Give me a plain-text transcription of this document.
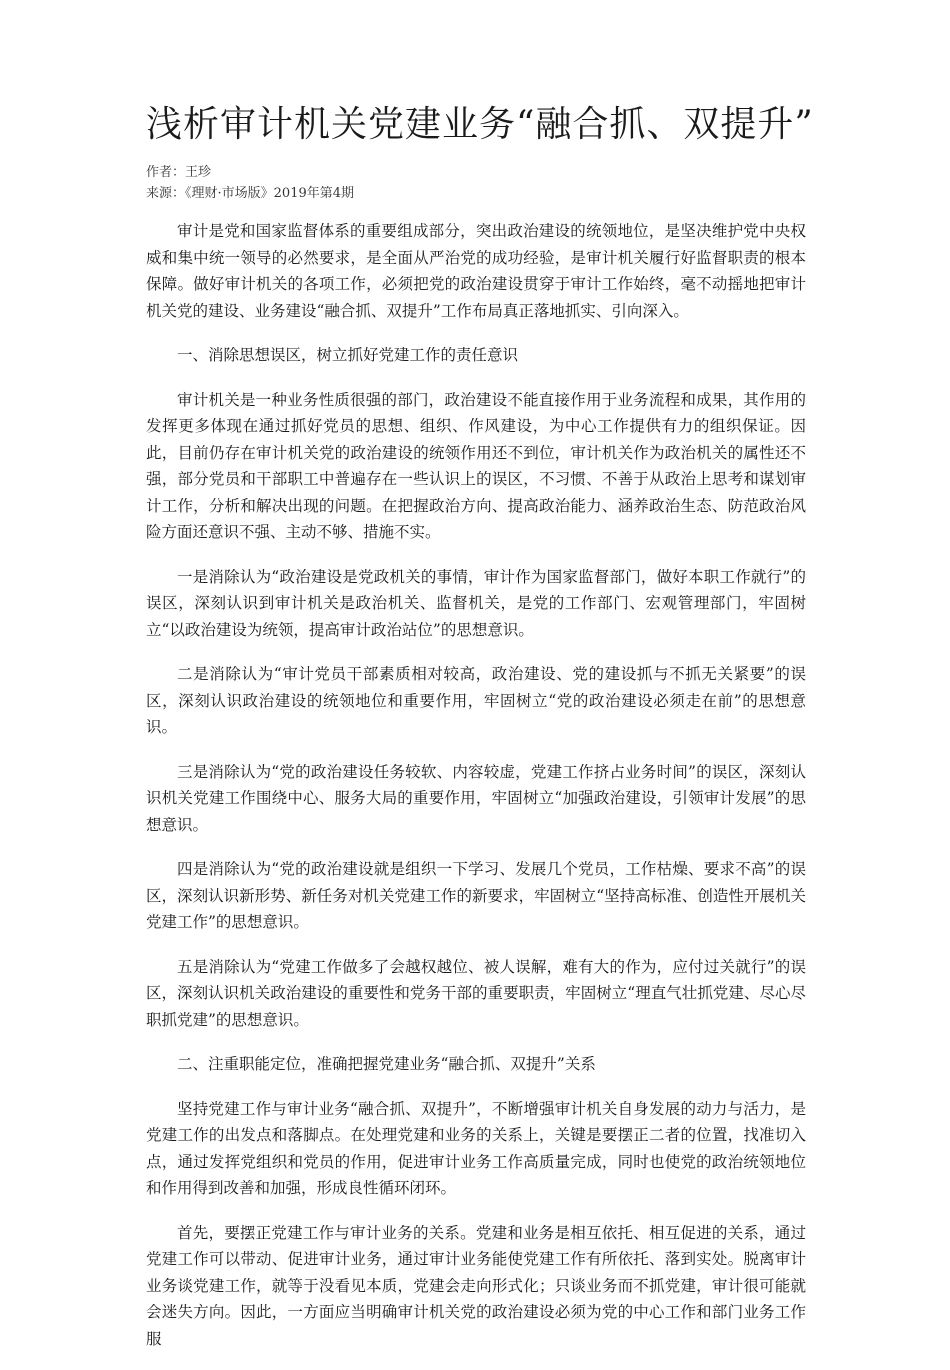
浅析审计机关党建业务“融合抓、双提升”
作者：王珍
来源：《理财·市场版》2019年第4期

审计是党和国家监督体系的重要组成部分，突出政治建设的统领地位，是坚决维护党中央权威和集中统一领导的必然要求，是全面从严治党的成功经验，是审计机关履行好监督职责的根本保障。做好审计机关的各项工作，必须把党的政治建设贯穿于审计工作始终，毫不动摇地把审计机关党的建设、业务建设“融合抓、双提升”工作布局真正落地抓实、引向深入。

一、消除思想误区，树立抓好党建工作的责任意识

审计机关是一种业务性质很强的部门，政治建设不能直接作用于业务流程和成果，其作用的发挥更多体现在通过抓好党员的思想、组织、作风建设，为中心工作提供有力的组织保证。因此，目前仍存在审计机关党的政治建设的统领作用还不到位，审计机关作为政治机关的属性还不强，部分党员和干部职工中普遍存在一些认识上的误区，不习惯、不善于从政治上思考和谋划审计工作，分析和解决出现的问题。在把握政治方向、提高政治能力、涵养政治生态、防范政治风险方面还意识不强、主动不够、措施不实。

一是消除认为“政治建设是党政机关的事情，审计作为国家监督部门，做好本职工作就行”的误区，深刻认识到审计机关是政治机关、监督机关，是党的工作部门、宏观管理部门，牢固树立“以政治建设为统领，提高审计政治站位”的思想意识。

二是消除认为“审计党员干部素质相对较高，政治建设、党的建设抓与不抓无关紧要”的误区，深刻认识政治建设的统领地位和重要作用，牢固树立“党的政治建设必须走在前”的思想意识。

三是消除认为“党的政治建设任务较软、内容较虚，党建工作挤占业务时间”的误区，深刻认识机关党建工作围绕中心、服务大局的重要作用，牢固树立“加强政治建设，引领审计发展”的思想意识。

四是消除认为“党的政治建设就是组织一下学习、发展几个党员，工作枯燥、要求不高”的误区，深刻认识新形势、新任务对机关党建工作的新要求，牢固树立“坚持高标准、创造性开展机关党建工作”的思想意识。

五是消除认为“党建工作做多了会越权越位、被人误解，难有大的作为，应付过关就行”的误区，深刻认识机关政治建设的重要性和党务干部的重要职责，牢固树立“理直气壮抓党建、尽心尽职抓党建”的思想意识。

二、注重职能定位，准确把握党建业务“融合抓、双提升”关系

坚持党建工作与审计业务“融合抓、双提升”，不断增强审计机关自身发展的动力与活力，是党建工作的出发点和落脚点。在处理党建和业务的关系上，关键是要摆正二者的位置，找准切入点，通过发挥党组织和党员的作用，促进审计业务工作高质量完成，同时也使党的政治统领地位和作用得到改善和加强，形成良性循环闭环。

首先，要摆正党建工作与审计业务的关系。党建和业务是相互依托、相互促进的关系，通过党建工作可以带动、促进审计业务，通过审计业务能使党建工作有所依托、落到实处。脱离审计业务谈党建工作，就等于没看见本质，党建会走向形式化；只谈业务而不抓党建，审计很可能就会迷失方向。因此，一方面应当明确审计机关党的政治建设必须为党的中心工作和部门业务工作服
